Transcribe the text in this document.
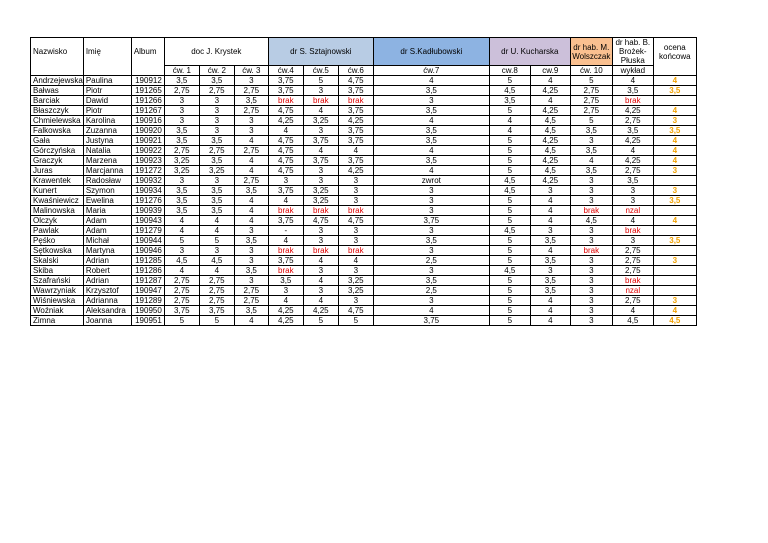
Nazwisko	Imię	Album	doc J. Krystek			dr S. Sztajnowski			dr S.Kadłubowski	dr U. Kucharska		dr hab. M. Wolszczak	dr hab. B. Brożek-Płuska	ocena końcowa
			ćw. 1	ćw. 2	ćw. 3	ćw.4	ćw.5	ćw.6	ćw.7	cw.8	cw.9	ćw. 10	wykład	
Andrzejewska	Paulina	190912	3,5	3,5	3	3,75	5	4,75	4	5	4	5	4	4
Bałwas	Piotr	191265	2,75	2,75	2,75	3,75	3	3,75	3,5	4,5	4,25	2,75	3,5	3,5
Barciak	Dawid	191266	3	3	3,5	brak	brak	brak	3	3,5	4	2,75	brak	
Błaszczyk	Piotr	191267	3	3	2,75	4,75	4	3,75	3,5	5	4,25	2,75	4,25	4
Chmielewska	Karolina	190916	3	3	3	4,25	3,25	4,25	4	4	4,5	5	2,75	3
Falkowska	Zuzanna	190920	3,5	3	3	4	3	3,75	3,5	4	4,5	3,5	3,5	3,5
Gała	Justyna	190921	3,5	3,5	4	4,75	3,75	3,75	3,5	5	4,25	3	4,25	4
Górczyńska	Natalia	190922	2,75	2,75	2,75	4,75	4	4	4	5	4,5	3,5	4	4
Graczyk	Marzena	190923	3,25	3,5	4	4,75	3,75	3,75	3,5	5	4,25	4	4,25	4
Juras	Marcjanna	191272	3,25	3,25	4	4,75	3	4,25	4	5	4,5	3,5	2,75	3
Krawentek	Radosław	190932	3	3	2,75	3	3	3	zwrot	4,5	4,25	3	3,5	
Kunert	Szymon	190934	3,5	3,5	3,5	3,75	3,25	3	3	4,5	3	3	3	3
Kwaśniewicz	Ewelina	191276	3,5	3,5	4	4	3,25	3	3	5	4	3	3	3,5
Malinowska	Maria	190939	3,5	3,5	4	brak	brak	brak	3	5	4	brak	nzal	
Olczyk	Adam	190943	4	4	4	3,75	4,75	4,75	3,75	5	4	4,5	4	4
Pawlak	Adam	191279	4	4	3	-	3	3	3	4,5	3	3	brak	
Pęśko	Michał	190944	5	5	3,5	4	3	3	3,5	5	3,5	3	3	3,5
Sętkowska	Martyna	190946	3	3	3	brak	brak	brak	3	5	4	brak	2,75	
Skalski	Adrian	191285	4,5	4,5	3	3,75	4	4	2,5	5	3,5	3	2,75	3
Skiba	Robert	191286	4	4	3,5	brak	3	3	3	4,5	3	3	2,75	
Szafrański	Adrian	191287	2,75	2,75	3	3,5	4	3,25	3,5	5	3,5	3	brak	
Wawrzyniak	Krzysztof	190947	2,75	2,75	2,75	3	3	3,25	2,5	5	3,5	3	nzal	
Wiśniewska	Adrianna	191289	2,75	2,75	2,75	4	4	3	3	5	4	3	2,75	3
Woźniak	Aleksandra	190950	3,75	3,75	3,5	4,25	4,25	4,75	4	5	4	3	4	4
Zimna	Joanna	190951	5	5	4	4,25	5	5	3,75	5	4	3	4,5	4,5
